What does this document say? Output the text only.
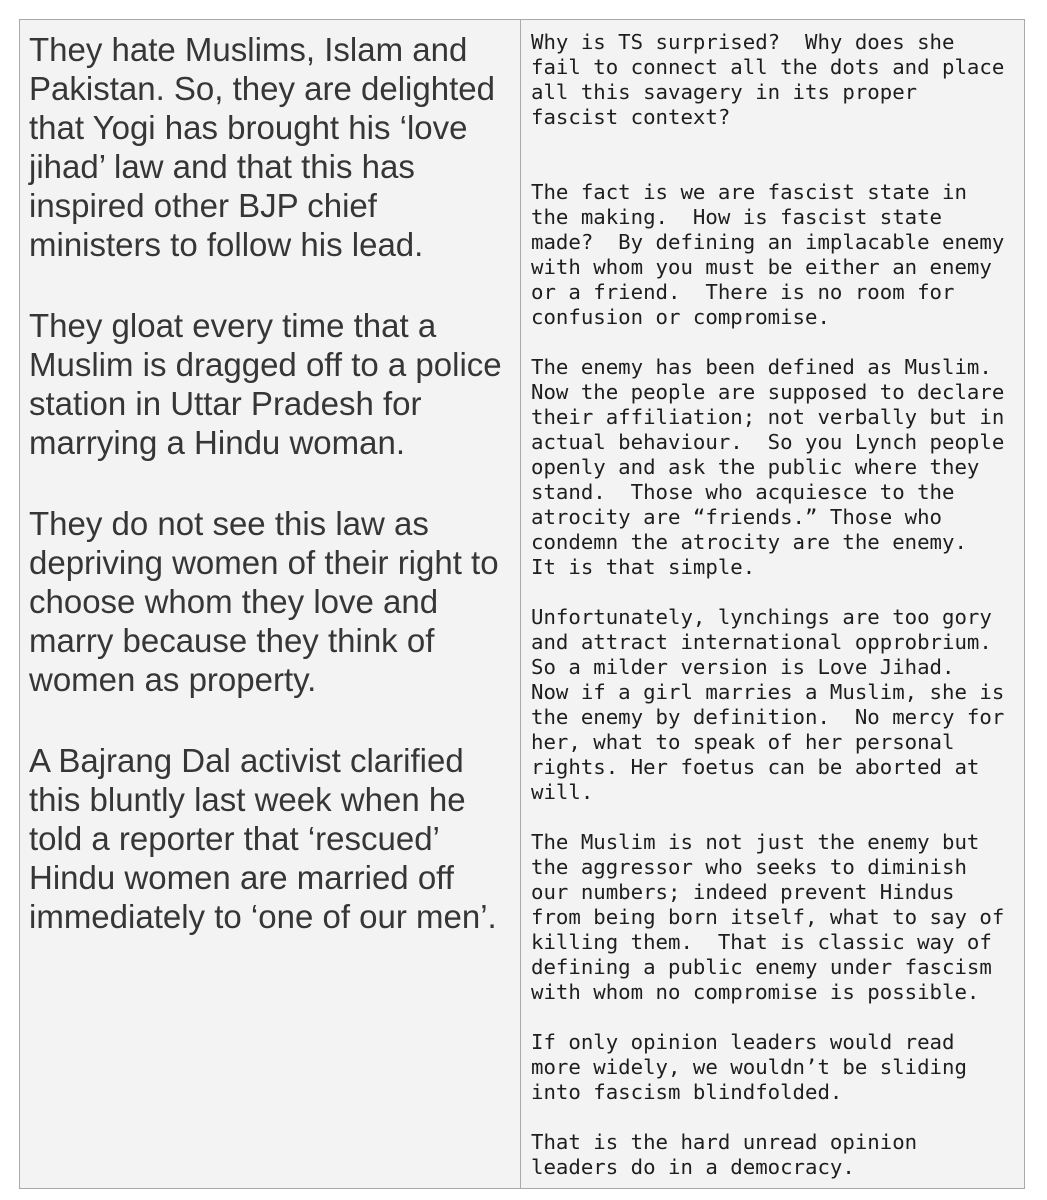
They hate Muslims, Islam and
Pakistan. So, they are delighted
that Yogi has brought his ‘love
jihad’ law and that this has
inspired other BJP chief
ministers to follow his lead.
They gloat every time that a
Muslim is dragged off to a police
station in Uttar Pradesh for
marrying a Hindu woman.
They do not see this law as
depriving women of their right to
choose whom they love and
marry because they think of
women as property.
A Bajrang Dal activist clarified
this bluntly last week when he
told a reporter that ‘rescued’
Hindu women are married off
immediately to ‘one of our men’.
Why is TS surprised?  Why does she
fail to connect all the dots and place
all this savagery in its proper
fascist context?
The fact is we are fascist state in
the making.  How is fascist state
made?  By defining an implacable enemy
with whom you must be either an enemy
or a friend.  There is no room for
confusion or compromise.
The enemy has been defined as Muslim.
Now the people are supposed to declare
their affiliation; not verbally but in
actual behaviour.  So you Lynch people
openly and ask the public where they
stand.  Those who acquiesce to the
atrocity are “friends.” Those who
condemn the atrocity are the enemy.
It is that simple.
Unfortunately, lynchings are too gory
and attract international opprobrium.
So a milder version is Love Jihad.
Now if a girl marries a Muslim, she is
the enemy by definition.  No mercy for
her, what to speak of her personal
rights. Her foetus can be aborted at
will.
The Muslim is not just the enemy but
the aggressor who seeks to diminish
our numbers; indeed prevent Hindus
from being born itself, what to say of
killing them.  That is classic way of
defining a public enemy under fascism
with whom no compromise is possible.
If only opinion leaders would read
more widely, we wouldn’t be sliding
into fascism blindfolded.
That is the hard unread opinion
leaders do in a democracy.
